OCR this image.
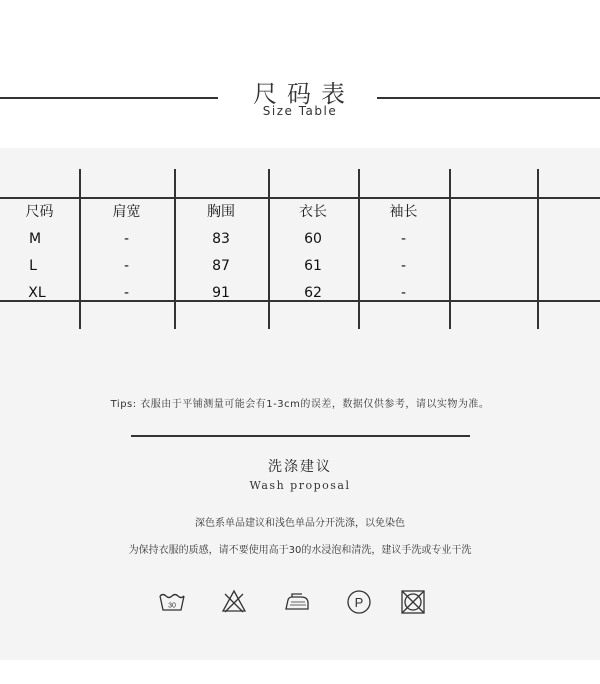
尺码表
Size Table
尺码	肩宽	胸围	衣长	袖长
M	-	83	60	-
L	-	87	61	-
XL	-	91	62	-
Tips: 衣服由于平铺测量可能会有1-3cm的误差，数据仅供参考，请以实物为准。
洗涤建议
Wash proposal
深色系单品建议和浅色单品分开洗涤，以免染色
为保持衣服的质感，请不要使用高于30的水浸泡和清洗，建议手洗或专业干洗
30	P
